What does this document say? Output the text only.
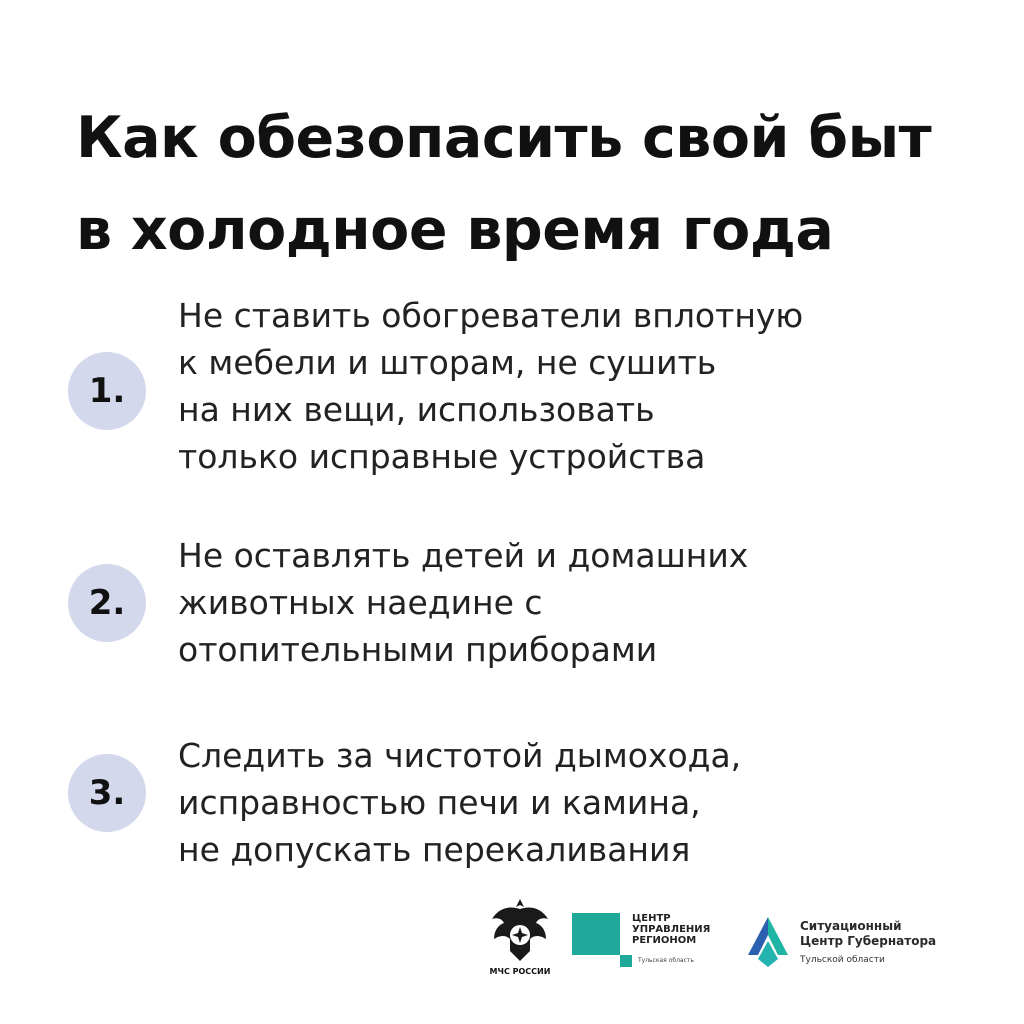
Как обезопасить свой быт
в холодное время года
1.
Не ставить обогреватели вплотную
к мебели и шторам, не сушить
на них вещи, использовать
только исправные устройства
2.
Не оставлять детей и домашних
животных наедине с
отопительными приборами
3.
Следить за чистотой дымохода,
исправностью печи и камина,
не допускать перекаливания
МЧС РОССИИ
ЦЕНТР
УПРАВЛЕНИЯ
РЕГИОНОМ
Тульская область
Ситуационный
Центр Губернатора
Тульской области
